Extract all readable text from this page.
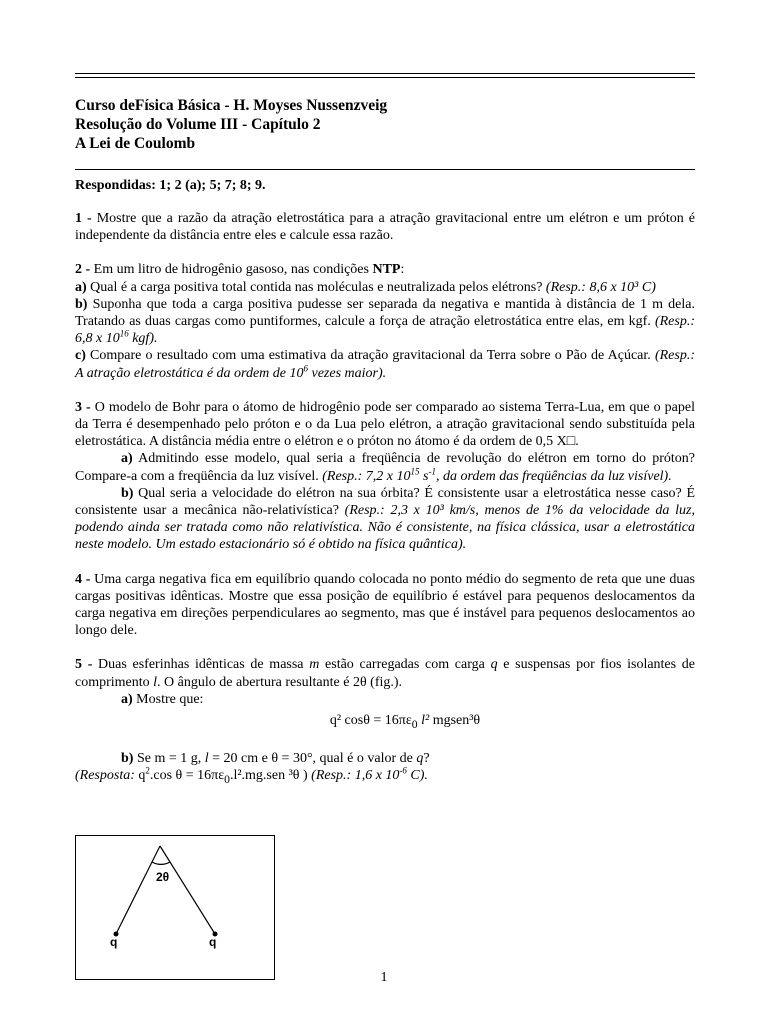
Curso deFísica Básica - H. Moyses Nussenzveig
Resolução do Volume III - Capítulo 2
A Lei de Coulomb
Respondidas: 1; 2 (a); 5; 7; 8; 9.

1 - Mostre que a razão da atração eletrostática para a atração gravitacional entre um elétron e um próton é independente da distância entre eles e calcule essa razão.

2 - Em um litro de hidrogênio gasoso, nas condições NTP:

a) Qual é a carga positiva total contida nas moléculas e neutralizada pelos elétrons? (Resp.: 8,6 x 10³ C)

b) Suponha que toda a carga positiva pudesse ser separada da negativa e mantida à distância de 1 m dela. Tratando as duas cargas como puntiformes, calcule a força de atração eletrostática entre elas, em kgf. (Resp.: 6,8 x $10^{16}$ kgf).

c) Compare o resultado com uma estimativa da atração gravitacional da Terra sobre o Pão de Açúcar. (Resp.: A atração eletrostática é da ordem de $10^6$ vezes maior).

3 - O modelo de Bohr para o átomo de hidrogênio pode ser comparado ao sistema Terra-Lua, em que o papel da Terra é desempenhado pelo próton e o da Lua pelo elétron, a atração gravitacional sendo substituída pela eletrostática. A distância média entre o elétron e o próton no átomo é da ordem de 0,5 X□.

a) Admitindo esse modelo, qual seria a freqüência de revolução do elétron em torno do próton? Compare-a com a freqüência da luz visível. (Resp.: 7,2 x $10^{15}$ $s^{-1}$, da ordem das freqüências da luz visível).

b) Qual seria a velocidade do elétron na sua órbita? É consistente usar a eletrostática nesse caso? É consistente usar a mecânica não-relativística? (Resp.: 2,3 x 10³ km/s, menos de 1% da velocidade da luz, podendo ainda ser tratada como não relativística. Não é consistente, na física clássica, usar a eletrostática neste modelo. Um estado estacionário só é obtido na física quântica).

4 - Uma carga negativa fica em equilíbrio quando colocada no ponto médio do segmento de reta que une duas cargas positivas idênticas. Mostre que essa posição de equilíbrio é estável para pequenos deslocamentos da carga negativa em direções perpendiculares ao segmento, mas que é instável para pequenos deslocamentos ao longo dele.

5 - Duas esferinhas idênticas de massa m estão carregadas com carga q e suspensas por fios isolantes de comprimento l. O ângulo de abertura resultante é 2θ (fig.).

a) Mostre que:

q² $\cos\theta = 16\pi\varepsilon_0$ l² mgsen³θ

b) Se m = 1 g, l = 20 cm e θ = 30°, qual é o valor de q?

(Resposta: $q^2.\cos$ $\theta = 16\pi\varepsilon_0.l^2.mg.sen$ ³θ ) (Resp.: 1,6 x $10^{-6}$ C).

2θ
q	q
1
